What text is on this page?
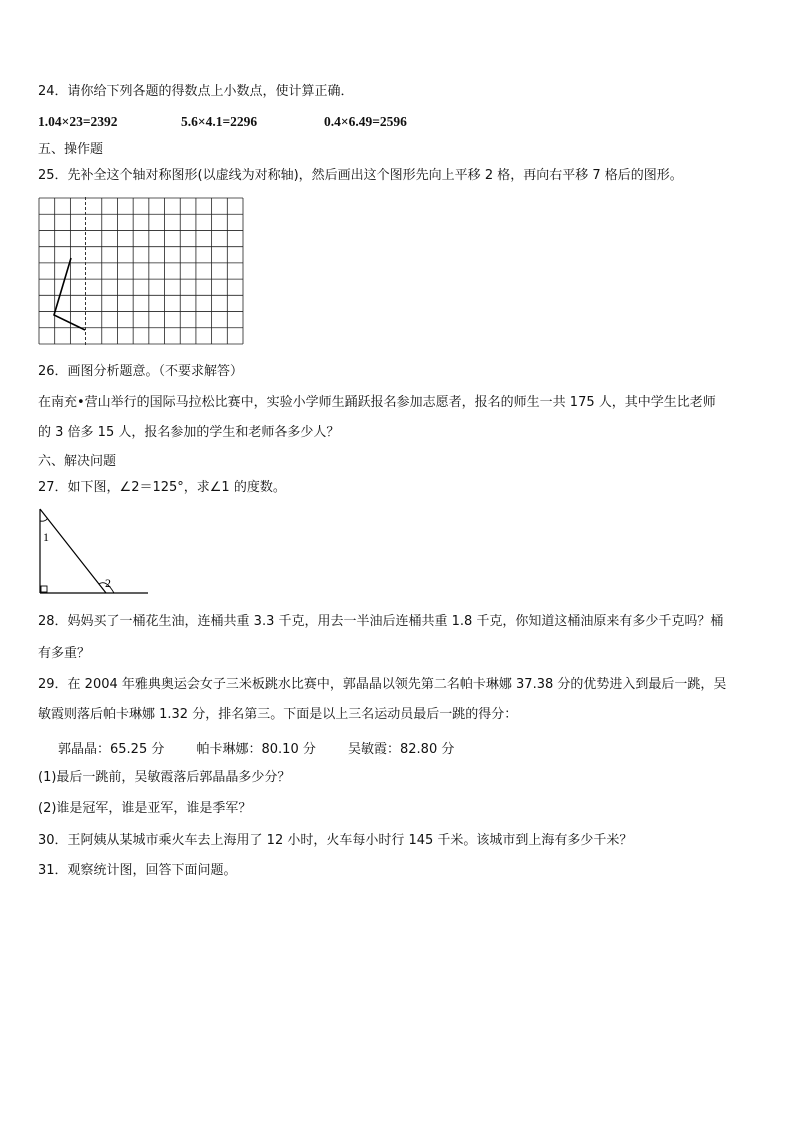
24．请你给下列各题的得数点上小数点，使计算正确．
1.04×23=2392	5.6×4.1=2296	0.4×6.49=2596
五、操作题
25．先补全这个轴对称图形(以虚线为对称轴)，然后画出这个图形先向上平移 2 格，再向右平移 7 格后的图形。
26．画图分析题意。（不要求解答）
在南充•营山举行的国际马拉松比赛中，实验小学师生踊跃报名参加志愿者，报名的师生一共 175 人，其中学生比老师
的 3 倍多 15 人，报名参加的学生和老师各多少人？
六、解决问题
27．如下图，∠2＝125°，求∠1 的度数。
1
2
28．妈妈买了一桶花生油，连桶共重 3.3 千克，用去一半油后连桶共重 1.8 千克，你知道这桶油原来有多少千克吗？桶
有多重？
29．在 2004 年雅典奥运会女子三米板跳水比赛中，郭晶晶以领先第二名帕卡琳娜 37.38 分的优势进入到最后一跳，吴
敏霞则落后帕卡琳娜 1.32 分，排名第三。下面是以上三名运动员最后一跳的得分：
郭晶晶：65.25 分 帕卡琳娜：80.10 分 吴敏霞：82.80 分
(1)最后一跳前，吴敏霞落后郭晶晶多少分？
(2)谁是冠军，谁是亚军，谁是季军？
30．王阿姨从某城市乘火车去上海用了 12 小时，火车每小时行 145 千米。该城市到上海有多少千米？
31．观察统计图，回答下面问题。
